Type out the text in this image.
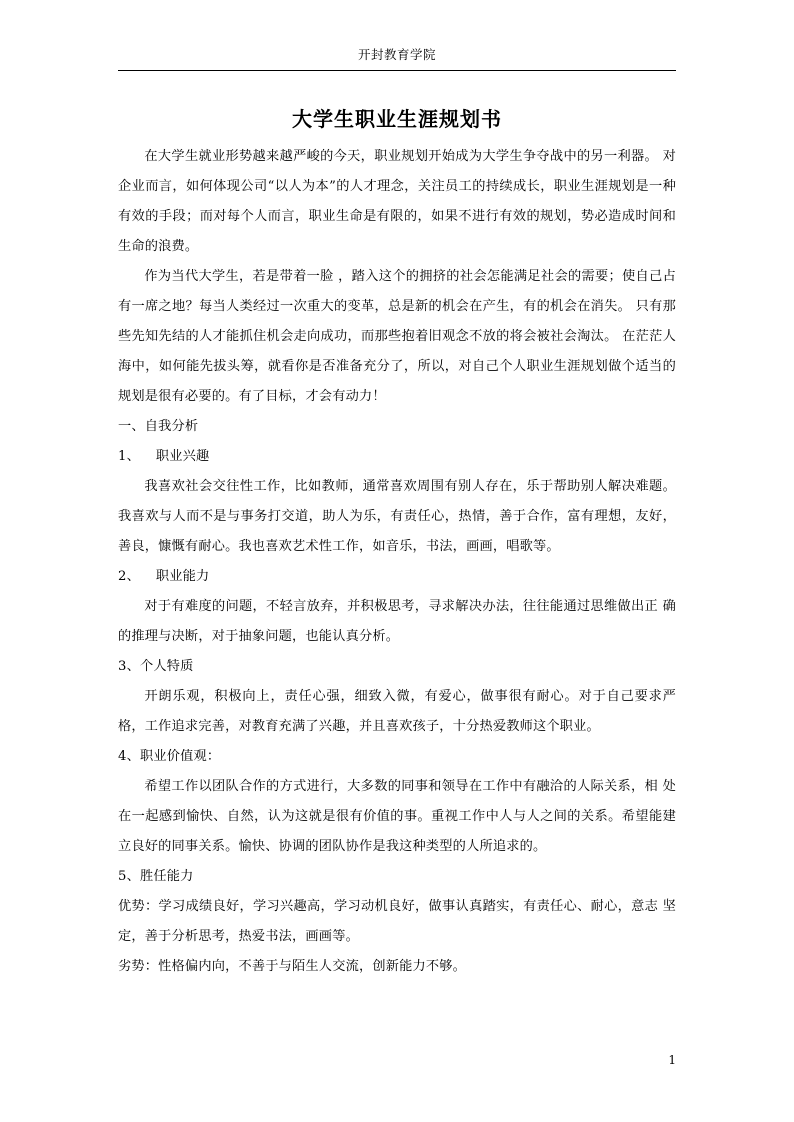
开封教育学院
大学生职业生涯规划书

在大学生就业形势越来越严峻的今天，职业规划开始成为大学生争夺战中的另一利器。 对企业而言，如何体现公司“以人为本”的人才理念，关注员工的持续成长，职业生涯规划是一种有效的手段；而对每个人而言，职业生命是有限的，如果不进行有效的规划，势必造成时间和生命的浪费。

作为当代大学生，若是带着一脸 ，踏入这个的拥挤的社会怎能满足社会的需要；使自己占有一席之地？每当人类经过一次重大的变革，总是新的机会在产生，有的机会在消失。 只有那些先知先结的人才能抓住机会走向成功，而那些抱着旧观念不放的将会被社会淘汰。 在茫茫人海中，如何能先拔头筹，就看你是否准备充分了，所以，对自己个人职业生涯规划做个适当的规划是很有必要的。有了目标，才会有动力！

一、自我分析

1、 职业兴趣

我喜欢社会交往性工作，比如教师，通常喜欢周围有别人存在，乐于帮助别人解决难题。 我喜欢与人而不是与事务打交道，助人为乐，有责任心，热情，善于合作，富有理想，友好， 善良，慷慨有耐心。我也喜欢艺术性工作，如音乐，书法，画画，唱歌等。

2、 职业能力

对于有难度的问题，不轻言放弃，并积极思考，寻求解决办法，往往能通过思维做出正 确的推理与决断，对于抽象问题，也能认真分析。

3、个人特质

开朗乐观，积极向上，责任心强，细致入微，有爱心，做事很有耐心。对于自己要求严 格，工作追求完善，对教育充满了兴趣，并且喜欢孩子，十分热爱教师这个职业。

4、职业价值观：

希望工作以团队合作的方式进行，大多数的同事和领导在工作中有融洽的人际关系，相 处在一起感到愉快、自然，认为这就是很有价值的事。重视工作中人与人之间的关系。希望能建立良好的同事关系。愉快、协调的团队协作是我这种类型的人所追求的。

5、胜任能力

优势：学习成绩良好，学习兴趣高，学习动机良好，做事认真踏实，有责任心、耐心，意志 坚定，善于分析思考，热爱书法，画画等。

劣势：性格偏内向，不善于与陌生人交流，创新能力不够。

1
